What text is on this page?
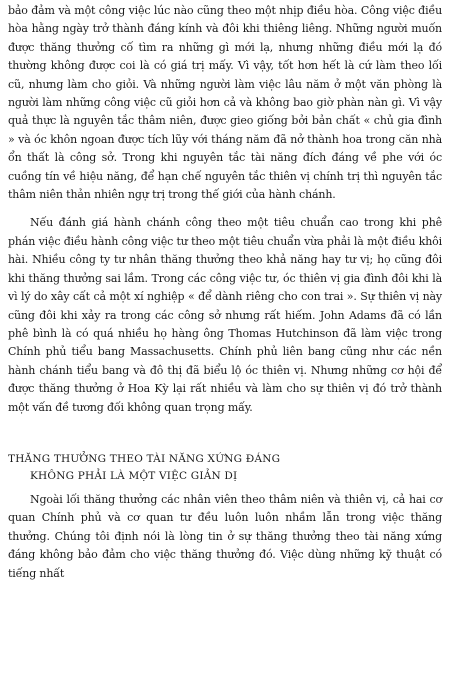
bảo đảm và một công việc lúc nào cũng theo một nhịp điều hòa. Công việc điều hòa hằng ngày trở thành đáng kính và đôi khi thiêng liêng. Những người muốn được thăng thưởng cố tìm ra những gì mới lạ, nhưng những điều mới lạ đó thường không được coi là có giá trị mấy. Vì vậy, tốt hơn hết là cứ làm theo lối cũ, nhưng làm cho giỏi. Và những người làm việc lâu năm ở một văn phòng là người làm những công việc cũ giỏi hơn cả và không bao giờ phàn nàn gì. Vì vậy quả thực là nguyên tắc thâm niên, được gieo giống bởi bản chất « chủ gia đình » và óc khôn ngoan được tích lũy với tháng năm đã nở thành hoa trong căn nhà ổn thất là công sở. Trong khi nguyên tắc tài năng đích đáng về phe với óc cuồng tín về hiệu năng, để hạn chế nguyên tắc thiên vị chính trị thì nguyên tắc thâm niên thản nhiên ngự trị trong thế giới của hành chánh.

Nếu đánh giá hành chánh công theo một tiêu chuẩn cao trong khi phê phán việc điều hành công việc tư theo một tiêu chuẩn vừa phải là một điều khôi hài. Nhiều công ty tư nhân thăng thưởng theo khả năng hay tư vị; họ cũng đôi khi thăng thưởng sai lầm. Trong các công việc tư, óc thiên vị gia đình đôi khi là vì lý do xây cất cả một xí nghiệp « để dành riêng cho con trai ». Sự thiên vị này cũng đôi khi xảy ra trong các công sở nhưng rất hiếm. John Adams đã có lần phê bình là có quá nhiều họ hàng ông Thomas Hutchinson đã làm việc trong Chính phủ tiểu bang Massachusetts. Chính phủ liên bang cũng như các nền hành chánh tiểu bang và đô thị đã biểu lộ óc thiên vị. Nhưng những cơ hội để được thăng thưởng ở Hoa Kỳ lại rất nhiều và làm cho sự thiên vị đó trở thành một vấn đề tương đối không quan trọng mấy.

THĂNG THƯỞNG THEO TÀI NĂNG XỨNG ĐÁNG
KHÔNG PHẢI LÀ MỘT VIỆC GIẢN DỊ

Ngoài lối thăng thưởng các nhân viên theo thâm niên và thiên vị, cả hai cơ quan Chính phủ và cơ quan tư đều luôn luôn nhầm lẫn trong việc thăng thưởng. Chúng tôi định nói là lòng tin ở sự thăng thưởng theo tài năng xứng đáng không bảo đảm cho việc thăng thưởng đó. Việc dùng những kỹ thuật có tiếng nhất
